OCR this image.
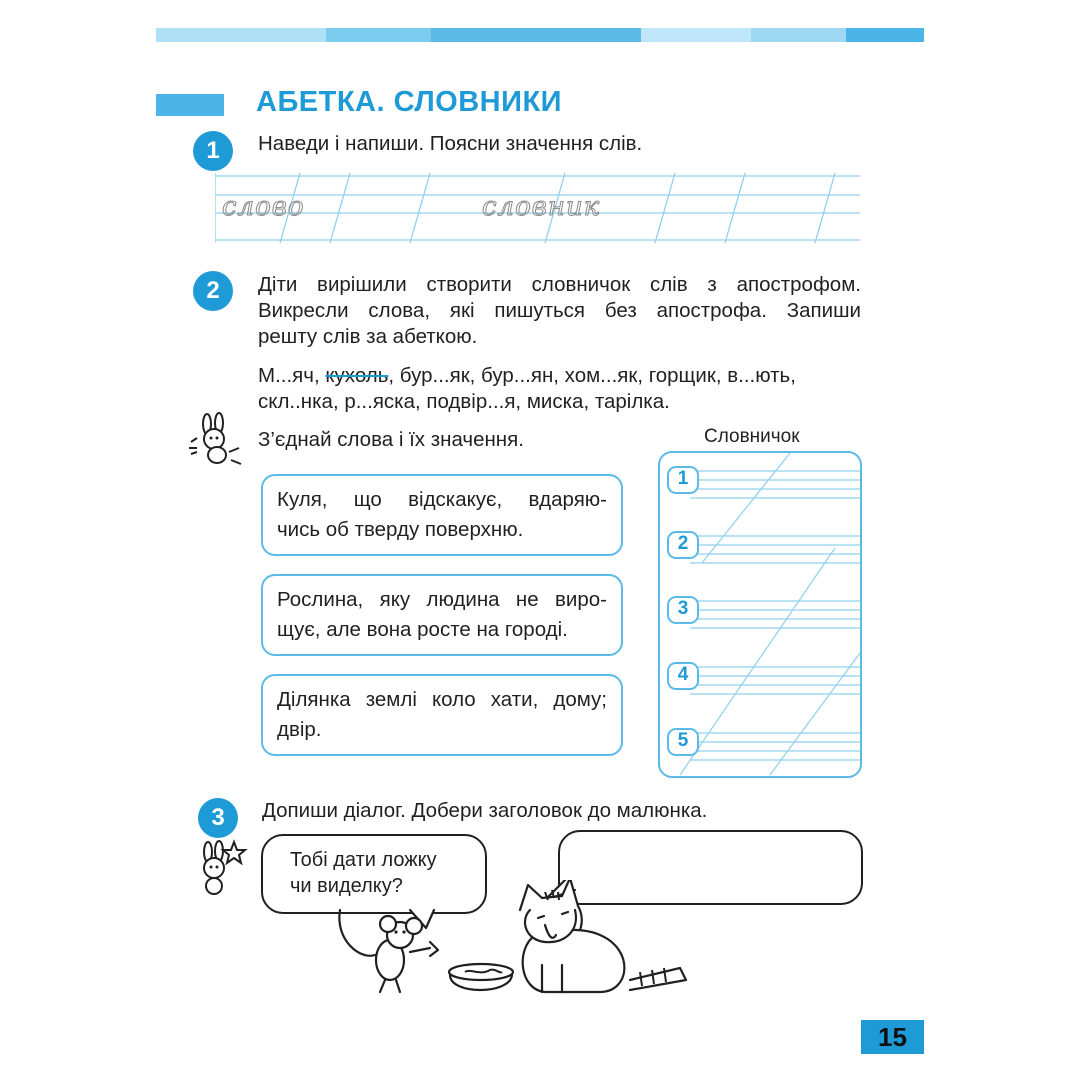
АБЕТКА. СЛОВНИКИ
1 Наведи і напиши. Поясни значення слів.
слово	словник
2 Діти вирішили створити словничок слів з апострофом.
Викресли слова, які пишуться без апострофа. Запиши
решту слів за абеткою.
М...яч, кухоль, бур...як, бур...ян, хом...як, горщик, в...ють,
скл..нка, р...яска, подвір...я, миска, тарілка.
З’єднай слова і їх значення.	Словничок
Куля, що відскакує, вдаряю-
чись об тверду поверхню.
Рослина, яку людина не виро-
щує, але вона росте на городі.
Ділянка землі коло хати, дому;
двір.
1
2
3
4
5
3 Допиши діалог. Добери заголовок до малюнка.
Тобі дати ложку
чи виделку?
15
